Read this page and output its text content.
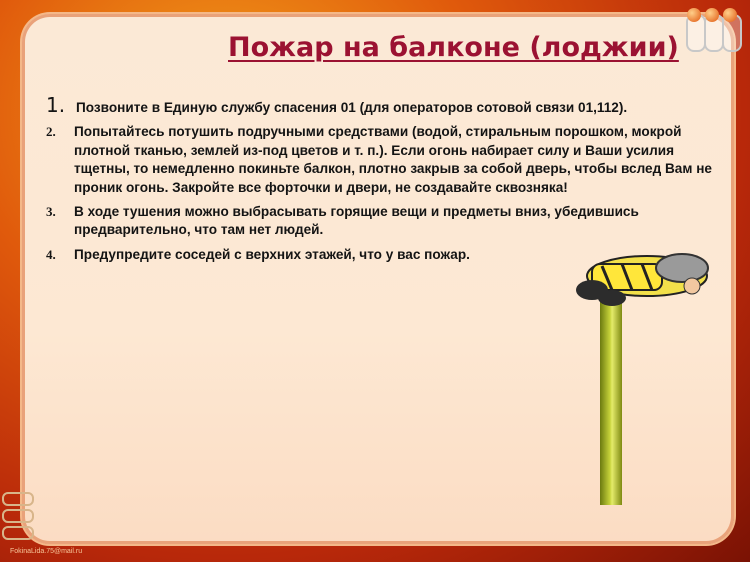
Пожар на балконе (лоджии)
1. Позвоните в Единую службу спасения 01 (для операторов сотовой связи 01,112).
2. Попытайтесь потушить подручными средствами (водой, стиральным порошком, мокрой плотной тканью, землей из-под цветов и т. п.). Если огонь набирает силу и Ваши усилия тщетны, то немедленно покиньте балкон, плотно закрыв за собой дверь, чтобы вслед Вам не проник огонь. Закройте все форточки и двери, не создавайте сквозняка!
3. В ходе тушения можно выбрасывать горящие вещи и предметы вниз, убедившись предварительно, что там нет людей.
4. Предупредите соседей с верхних этажей, что у вас пожар.
FokinaLida.75@mail.ru
